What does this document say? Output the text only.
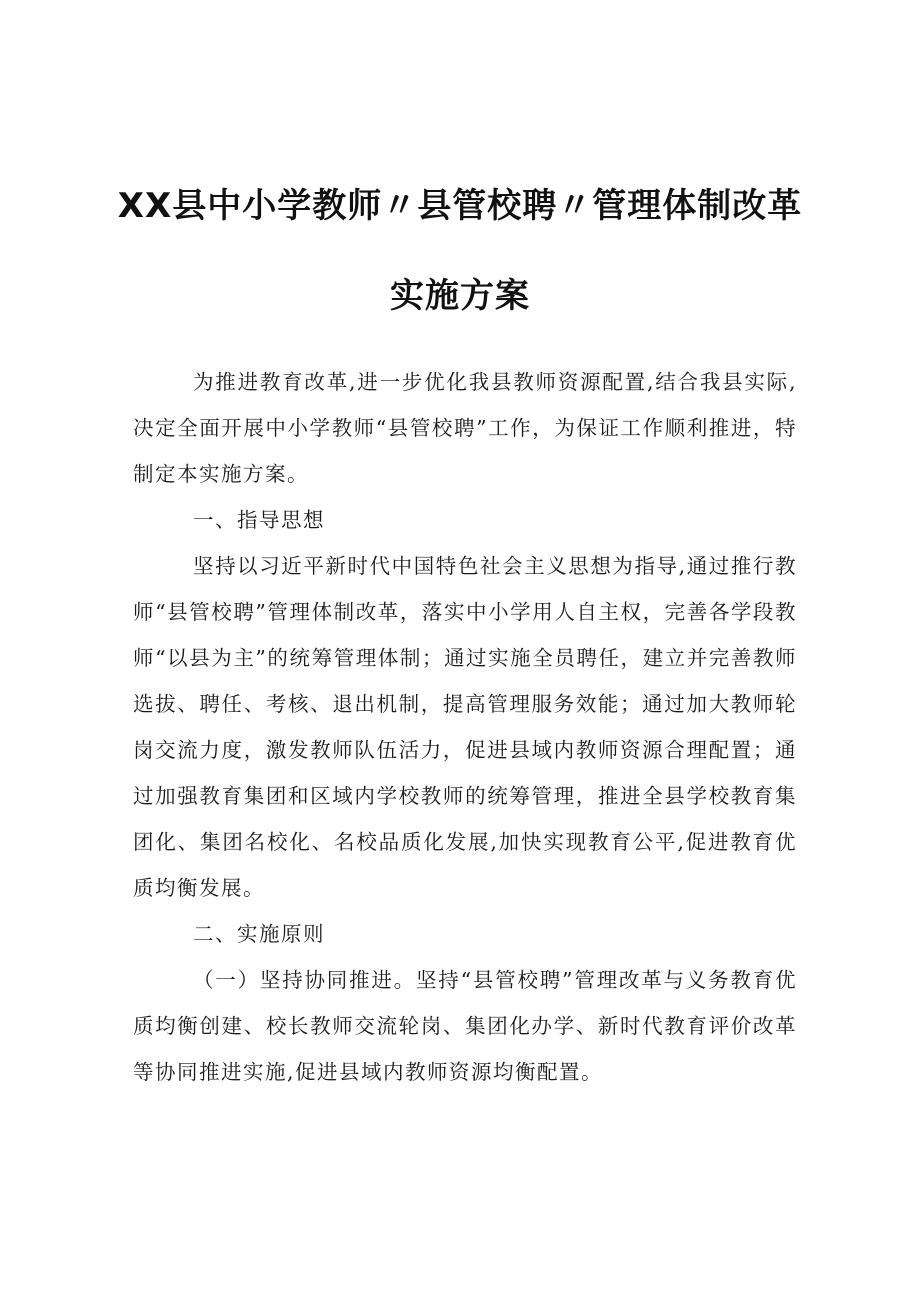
XX县中小学教师〃县管校聘〃管理体制改革
实施方案

为推进教育改革,进一步优化我县教师资源配置,结合我县实际,决定全面开展中小学教师“县管校聘”工作，为保证工作顺利推进，特制定本实施方案。

一、指导思想

坚持以习近平新时代中国特色社会主义思想为指导,通过推行教师“县管校聘”管理体制改革，落实中小学用人自主权，完善各学段教师“以县为主”的统筹管理体制；通过实施全员聘任，建立并完善教师选拔、聘任、考核、退出机制，提高管理服务效能；通过加大教师轮岗交流力度，激发教师队伍活力，促进县域内教师资源合理配置；通过加强教育集团和区域内学校教师的统筹管理，推进全县学校教育集团化、集团名校化、名校品质化发展,加快实现教育公平,促进教育优质均衡发展。

二、实施原则

（一）坚持协同推进。坚持“县管校聘”管理改革与义务教育优质均衡创建、校长教师交流轮岗、集团化办学、新时代教育评价改革等协同推进实施,促进县域内教师资源均衡配置。
